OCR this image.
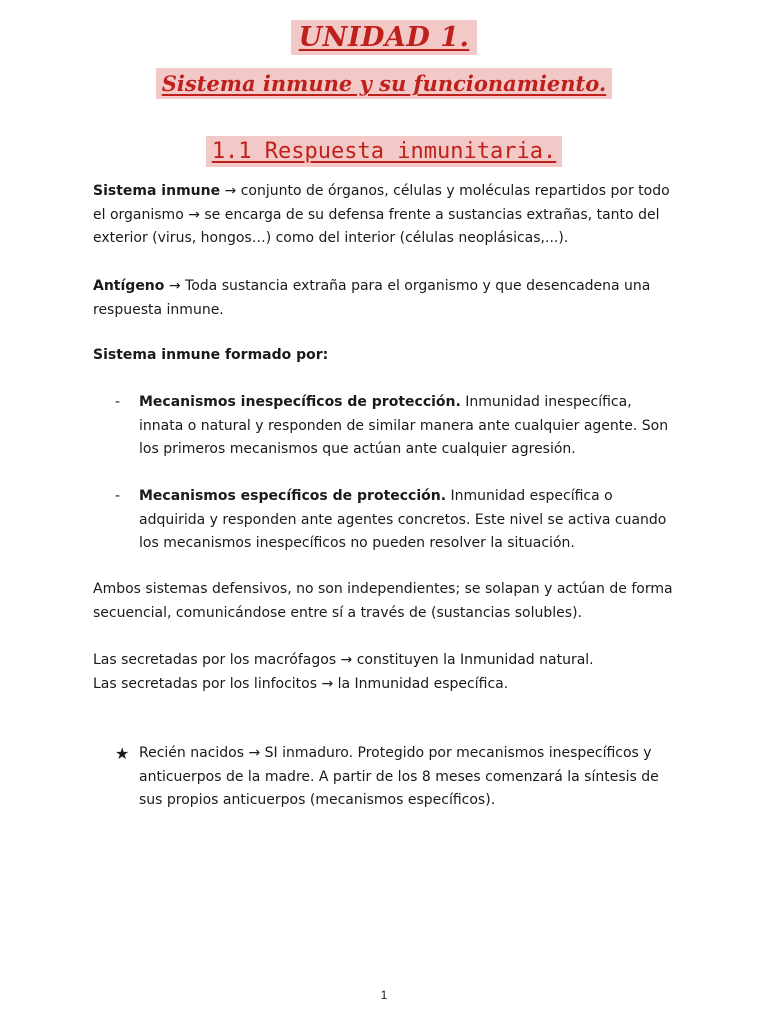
UNIDAD 1.
Sistema inmune y su funcionamiento.
1.1 Respuesta inmunitaria.

Sistema inmune → conjunto de órganos, células y moléculas repartidos por todo el organismo → se encarga de su defensa frente a sustancias extrañas, tanto del exterior (virus, hongos…) como del interior (células neoplásicas,...).

Antígeno → Toda sustancia extraña para el organismo y que desencadena una respuesta inmune.

Sistema inmune formado por:

- Mecanismos inespecíficos de protección. Inmunidad inespecífica, innata o natural y responden de similar manera ante cualquier agente. Son los primeros mecanismos que actúan ante cualquier agresión.
- Mecanismos específicos de protección. Inmunidad específica o adquirida y responden ante agentes concretos. Este nivel se activa cuando los mecanismos inespecíficos no pueden resolver la situación.

Ambos sistemas defensivos, no son independientes; se solapan y actúan de forma secuencial, comunicándose entre sí a través de (sustancias solubles).

Las secretadas por los macrófagos → constituyen la Inmunidad natural.
Las secretadas por los linfocitos → la Inmunidad específica.

★ Recién nacidos → SI inmaduro. Protegido por mecanismos inespecíficos y anticuerpos de la madre. A partir de los 8 meses comenzará la síntesis de sus propios anticuerpos (mecanismos específicos).
1
